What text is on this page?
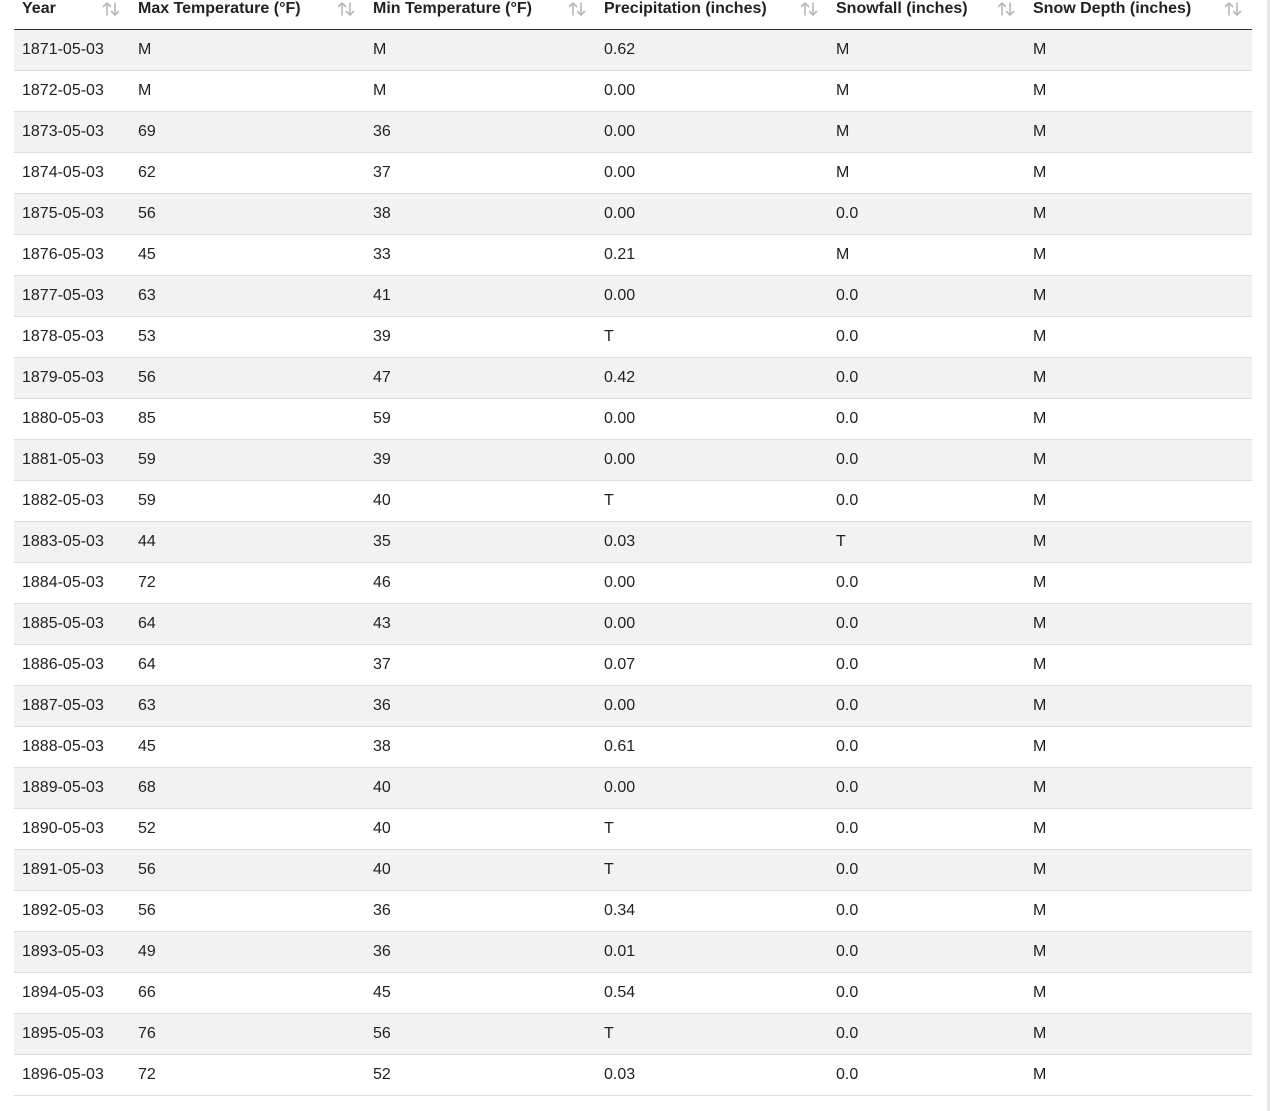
Year	Max Temperature (°F)	Min Temperature (°F)	Precipitation (inches)	Snowfall (inches)	Snow Depth (inches)

1871-05-03	M	M	0.62	M	M
1872-05-03	M	M	0.00	M	M
1873-05-03	69	36	0.00	M	M
1874-05-03	62	37	0.00	M	M
1875-05-03	56	38	0.00	0.0	M
1876-05-03	45	33	0.21	M	M
1877-05-03	63	41	0.00	0.0	M
1878-05-03	53	39	T	0.0	M
1879-05-03	56	47	0.42	0.0	M
1880-05-03	85	59	0.00	0.0	M
1881-05-03	59	39	0.00	0.0	M
1882-05-03	59	40	T	0.0	M
1883-05-03	44	35	0.03	T	M
1884-05-03	72	46	0.00	0.0	M
1885-05-03	64	43	0.00	0.0	M
1886-05-03	64	37	0.07	0.0	M
1887-05-03	63	36	0.00	0.0	M
1888-05-03	45	38	0.61	0.0	M
1889-05-03	68	40	0.00	0.0	M
1890-05-03	52	40	T	0.0	M
1891-05-03	56	40	T	0.0	M
1892-05-03	56	36	0.34	0.0	M
1893-05-03	49	36	0.01	0.0	M
1894-05-03	66	45	0.54	0.0	M
1895-05-03	76	56	T	0.0	M
1896-05-03	72	52	0.03	0.0	M
